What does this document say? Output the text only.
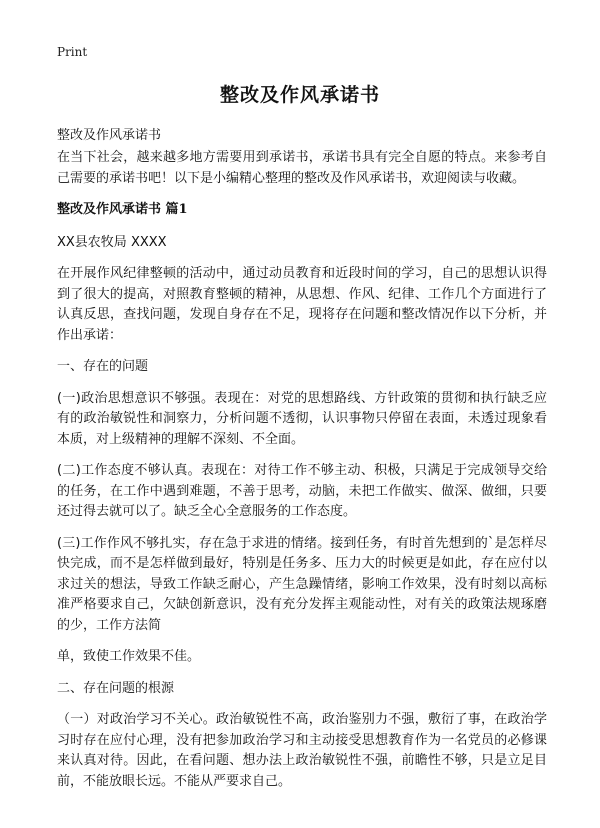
Print
整改及作风承诺书
整改及作风承诺书

在当下社会，越来越多地方需要用到承诺书，承诺书具有完全自愿的特点。来参考自己需要的承诺书吧！以下是小编精心整理的整改及作风承诺书，欢迎阅读与收藏。

整改及作风承诺书 篇1

XX县农牧局 XXXX

在开展作风纪律整顿的活动中，通过动员教育和近段时间的学习，自己的思想认识得到了很大的提高，对照教育整顿的精神，从思想、作风、纪律、工作几个方面进行了认真反思，查找问题，发现自身存在不足，现将存在问题和整改情况作以下分析，并作出承诺：

一、存在的问题

(一)政治思想意识不够强。表现在：对党的思想路线、方针政策的贯彻和执行缺乏应有的政治敏锐性和洞察力，分析问题不透彻，认识事物只停留在表面，未透过现象看本质，对上级精神的理解不深刻、不全面。

(二)工作态度不够认真。表现在：对待工作不够主动、积极，只满足于完成领导交给的任务，在工作中遇到难题，不善于思考，动脑，未把工作做实、做深、做细，只要还过得去就可以了。缺乏全心全意服务的工作态度。

(三)工作作风不够扎实，存在急于求进的情绪。接到任务，有时首先想到的`是怎样尽快完成，而不是怎样做到最好，特别是任务多、压力大的时候更是如此，存在应付以求过关的想法，导致工作缺乏耐心，产生急躁情绪，影响工作效果，没有时刻以高标准严格要求自己，欠缺创新意识，没有充分发挥主观能动性，对有关的政策法规琢磨的少，工作方法简

单，致使工作效果不佳。

二、存在问题的根源

（一）对政治学习不关心。政治敏锐性不高，政治鉴别力不强，敷衍了事，在政治学习时存在应付心理，没有把参加政治学习和主动接受思想教育作为一名党员的必修课来认真对待。因此，在看问题、想办法上政治敏锐性不强，前瞻性不够，只是立足目前，不能放眼长远。不能从严要求自己。
